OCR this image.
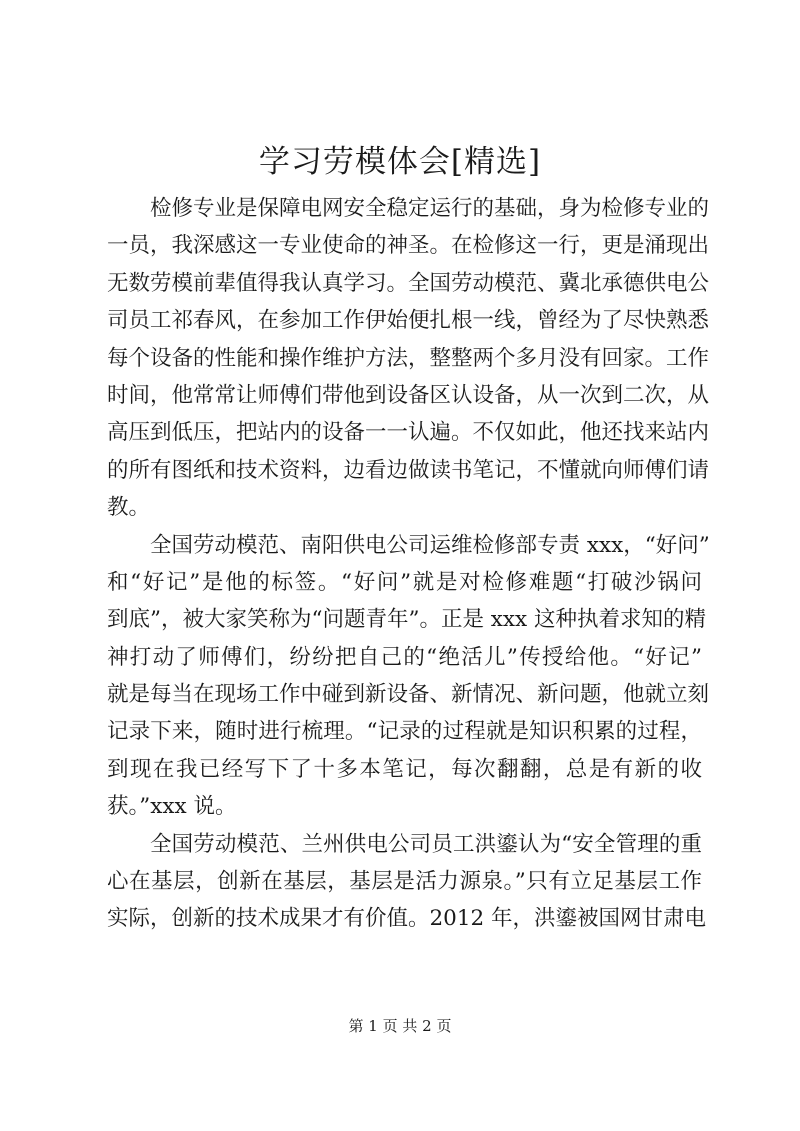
学习劳模体会[精选]
检修专业是保障电网安全稳定运行的基础，身为检修专业的
一员，我深感这一专业使命的神圣。在检修这一行，更是涌现出
无数劳模前辈值得我认真学习。全国劳动模范、冀北承德供电公
司员工祁春风，在参加工作伊始便扎根一线，曾经为了尽快熟悉
每个设备的性能和操作维护方法，整整两个多月没有回家。工作
时间，他常常让师傅们带他到设备区认设备，从一次到二次，从
高压到低压，把站内的设备一一认遍。不仅如此，他还找来站内
的所有图纸和技术资料，边看边做读书笔记，不懂就向师傅们请
教。
全国劳动模范、南阳供电公司运维检修部专责 xxx，“好问”
和“好记”是他的标签。“好问”就是对检修难题“打破沙锅问
到底”，被大家笑称为“问题青年”。正是 xxx 这种执着求知的精
神打动了师傅们，纷纷把自己的“绝活儿”传授给他。“好记”
就是每当在现场工作中碰到新设备、新情况、新问题，他就立刻
记录下来，随时进行梳理。“记录的过程就是知识积累的过程，
到现在我已经写下了十多本笔记，每次翻翻，总是有新的收
获。”xxx 说。
全国劳动模范、兰州供电公司员工洪鎏认为“安全管理的重
心在基层，创新在基层，基层是活力源泉。”只有立足基层工作
实际，创新的技术成果才有价值。2012 年，洪鎏被国网甘肃电
第 1 页 共 2 页
